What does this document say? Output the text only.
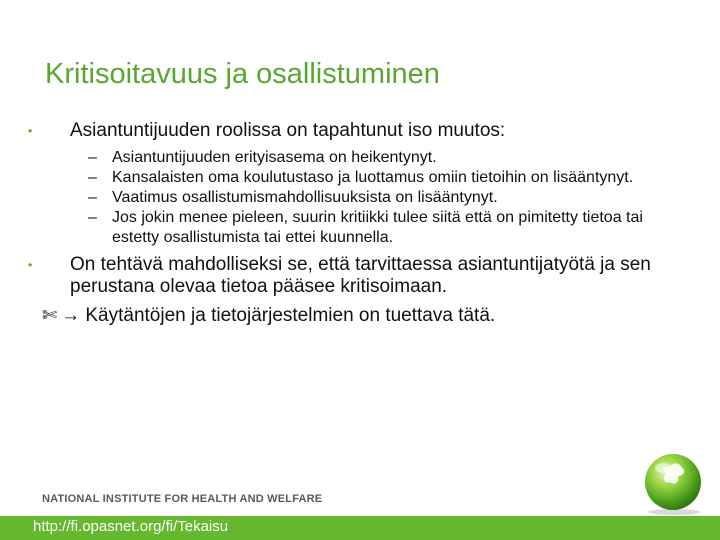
Kritisoitavuus ja osallistuminen
• Asiantuntijuuden roolissa on tapahtunut iso muutos:
– Asiantuntijuuden erityisasema on heikentynyt.
– Kansalaisten oma koulutustaso ja luottamus omiin tietoihin on lisääntynyt.
– Vaatimus osallistumismahdollisuuksista on lisääntynyt.
– Jos jokin menee pieleen, suurin kritiikki tulee siitä että on pimitetty tietoa tai estetty osallistumista tai ettei kuunnella.
• On tehtävä mahdolliseksi se, että tarvittaessa asiantuntijatyötä ja sen perustana olevaa tietoa pääsee kritisoimaan.
✄ → Käytäntöjen ja tietojärjestelmien on tuettava tätä.
NATIONAL INSTITUTE FOR HEALTH AND WELFARE
http://fi.opasnet.org/fi/Tekaisu
